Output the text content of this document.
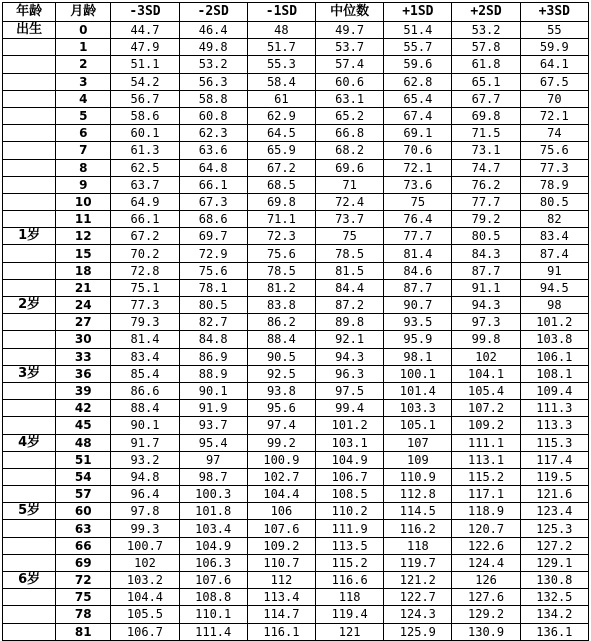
年龄	月龄	-3SD	-2SD	-1SD	中位数	+1SD	+2SD	+3SD
出生	0	44.7	46.4	48	49.7	51.4	53.2	55
	1	47.9	49.8	51.7	53.7	55.7	57.8	59.9
	2	51.1	53.2	55.3	57.4	59.6	61.8	64.1
	3	54.2	56.3	58.4	60.6	62.8	65.1	67.5
	4	56.7	58.8	61	63.1	65.4	67.7	70
	5	58.6	60.8	62.9	65.2	67.4	69.8	72.1
	6	60.1	62.3	64.5	66.8	69.1	71.5	74
	7	61.3	63.6	65.9	68.2	70.6	73.1	75.6
	8	62.5	64.8	67.2	69.6	72.1	74.7	77.3
	9	63.7	66.1	68.5	71	73.6	76.2	78.9
	10	64.9	67.3	69.8	72.4	75	77.7	80.5
	11	66.1	68.6	71.1	73.7	76.4	79.2	82
1岁	12	67.2	69.7	72.3	75	77.7	80.5	83.4
	15	70.2	72.9	75.6	78.5	81.4	84.3	87.4
	18	72.8	75.6	78.5	81.5	84.6	87.7	91
	21	75.1	78.1	81.2	84.4	87.7	91.1	94.5
2岁	24	77.3	80.5	83.8	87.2	90.7	94.3	98
	27	79.3	82.7	86.2	89.8	93.5	97.3	101.2
	30	81.4	84.8	88.4	92.1	95.9	99.8	103.8
	33	83.4	86.9	90.5	94.3	98.1	102	106.1
3岁	36	85.4	88.9	92.5	96.3	100.1	104.1	108.1
	39	86.6	90.1	93.8	97.5	101.4	105.4	109.4
	42	88.4	91.9	95.6	99.4	103.3	107.2	111.3
	45	90.1	93.7	97.4	101.2	105.1	109.2	113.3
4岁	48	91.7	95.4	99.2	103.1	107	111.1	115.3
	51	93.2	97	100.9	104.9	109	113.1	117.4
	54	94.8	98.7	102.7	106.7	110.9	115.2	119.5
	57	96.4	100.3	104.4	108.5	112.8	117.1	121.6
5岁	60	97.8	101.8	106	110.2	114.5	118.9	123.4
	63	99.3	103.4	107.6	111.9	116.2	120.7	125.3
	66	100.7	104.9	109.2	113.5	118	122.6	127.2
	69	102	106.3	110.7	115.2	119.7	124.4	129.1
6岁	72	103.2	107.6	112	116.6	121.2	126	130.8
	75	104.4	108.8	113.4	118	122.7	127.6	132.5
	78	105.5	110.1	114.7	119.4	124.3	129.2	134.2
	81	106.7	111.4	116.1	121	125.9	130.9	136.1
